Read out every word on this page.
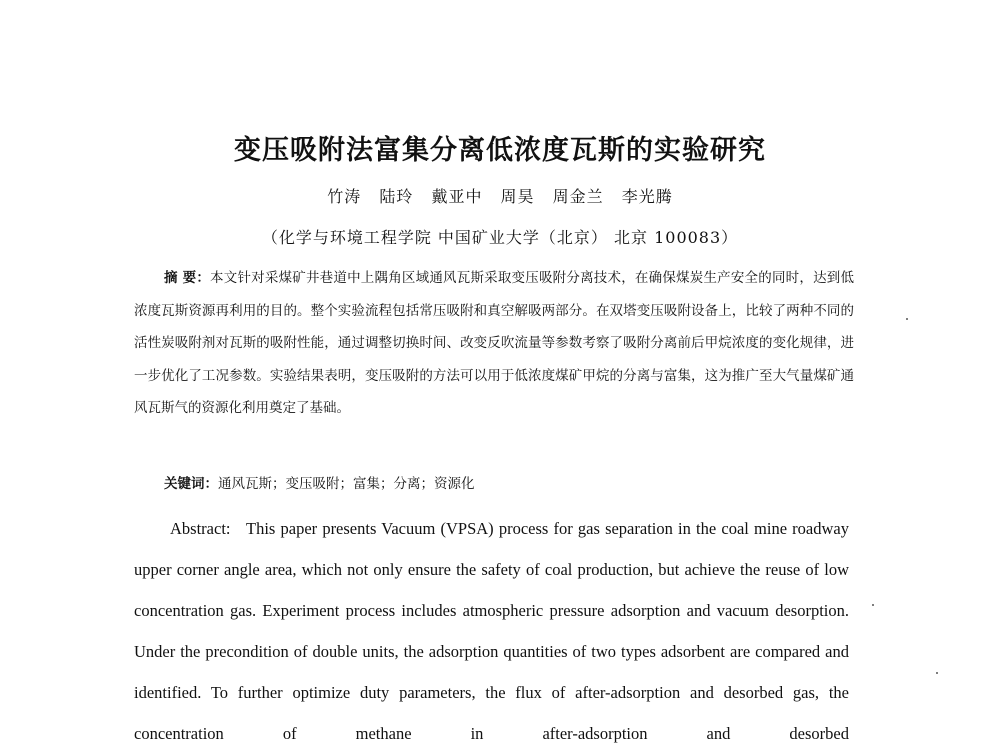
变压吸附法富集分离低浓度瓦斯的实验研究
竹涛 陆玲 戴亚中 周昊 周金兰 李光腾
（化学与环境工程学院 中国矿业大学（北京） 北京 100083）
摘 要：本文针对采煤矿井巷道中上隅角区域通风瓦斯采取变压吸附分离技术，在确保煤炭生产安全的同时，达到低浓度瓦斯资源再利用的目的。整个实验流程包括常压吸附和真空解吸两部分。在双塔变压吸附设备上，比较了两种不同的活性炭吸附剂对瓦斯的吸附性能，通过调整切换时间、改变反吹流量等参数考察了吸附分离前后甲烷浓度的变化规律，进一步优化了工况参数。实验结果表明，变压吸附的方法可以用于低浓度煤矿甲烷的分离与富集，这为推广至大气量煤矿通风瓦斯气的资源化利用奠定了基础。
关键词：通风瓦斯；变压吸附；富集；分离；资源化
Abstract: This paper presents Vacuum (VPSA) process for gas separation in the coal mine roadway upper corner angle area, which not only ensure the safety of coal production, but achieve the reuse of low concentration gas. Experiment process includes atmospheric pressure adsorption and vacuum desorption. Under the precondition of double units, the adsorption quantities of two types adsorbent are compared and identified. To further optimize duty parameters, the flux of after-adsorption and desorbed gas, the concentration of methane in after-adsorption and desorbed
